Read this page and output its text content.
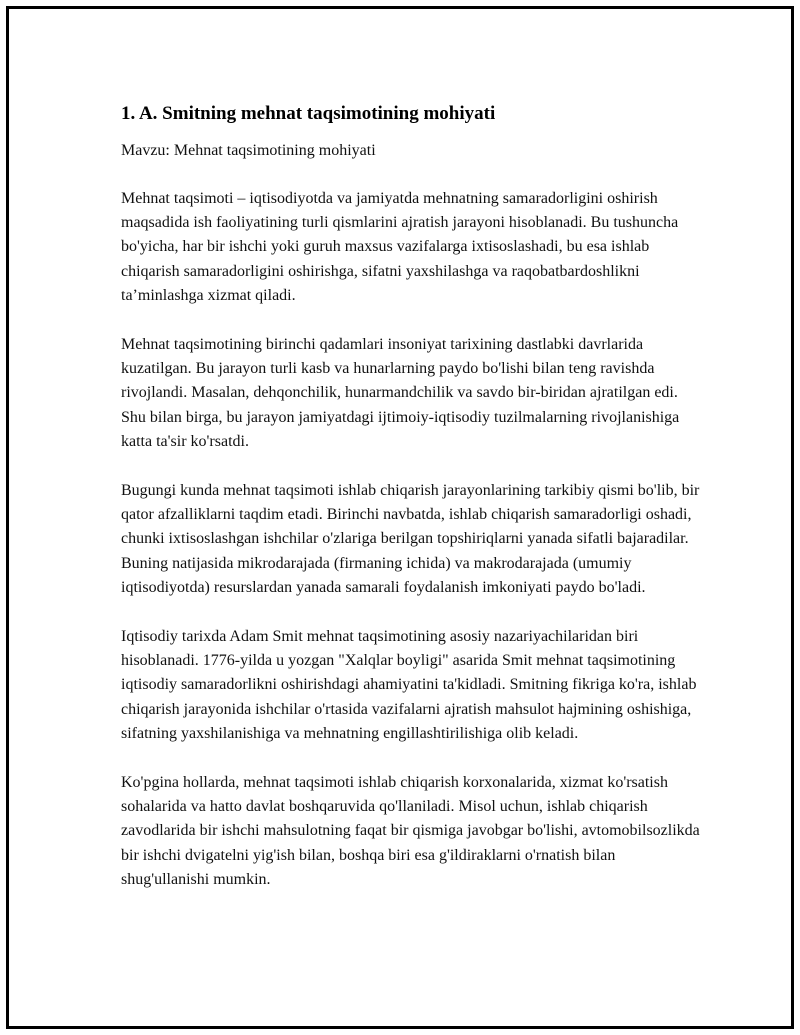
1. A. Smitning mehnat taqsimotining mohiyati

Mavzu: Mehnat taqsimotining mohiyati

Mehnat taqsimoti – iqtisodiyotda va jamiyatda mehnatning samaradorligini oshirish maqsadida ish faoliyatining turli qismlarini ajratish jarayoni hisoblanadi. Bu tushuncha bo'yicha, har bir ishchi yoki guruh maxsus vazifalarga ixtisoslashadi, bu esa ishlab chiqarish samaradorligini oshirishga, sifatni yaxshilashga va raqobatbardoshlikni ta’minlashga xizmat qiladi.

Mehnat taqsimotining birinchi qadamlari insoniyat tarixining dastlabki davrlarida kuzatilgan. Bu jarayon turli kasb va hunarlarning paydo bo'lishi bilan teng ravishda rivojlandi. Masalan, dehqonchilik, hunarmandchilik va savdo bir-biridan ajratilgan edi. Shu bilan birga, bu jarayon jamiyatdagi ijtimoiy-iqtisodiy tuzilmalarning rivojlanishiga katta ta'sir ko'rsatdi.

Bugungi kunda mehnat taqsimoti ishlab chiqarish jarayonlarining tarkibiy qismi bo'lib, bir qator afzalliklarni taqdim etadi. Birinchi navbatda, ishlab chiqarish samaradorligi oshadi, chunki ixtisoslashgan ishchilar o'zlariga berilgan topshiriqlarni yanada sifatli bajaradilar. Buning natijasida mikrodarajada (firmaning ichida) va makrodarajada (umumiy iqtisodiyotda) resurslardan yanada samarali foydalanish imkoniyati paydo bo'ladi.

Iqtisodiy tarixda Adam Smit mehnat taqsimotining asosiy nazariyachilaridan biri hisoblanadi. 1776-yilda u yozgan "Xalqlar boyligi" asarida Smit mehnat taqsimotining iqtisodiy samaradorlikni oshirishdagi ahamiyatini ta'kidladi. Smitning fikriga ko'ra, ishlab chiqarish jarayonida ishchilar o'rtasida vazifalarni ajratish mahsulot hajmining oshishiga, sifatning yaxshilanishiga va mehnatning engillashtirilishiga olib keladi.

Ko'pgina hollarda, mehnat taqsimoti ishlab chiqarish korxonalarida, xizmat ko'rsatish sohalarida va hatto davlat boshqaruvida qo'llaniladi. Misol uchun, ishlab chiqarish zavodlarida bir ishchi mahsulotning faqat bir qismiga javobgar bo'lishi, avtomobilsozlikda bir ishchi dvigatelni yig'ish bilan, boshqa biri esa g'ildiraklarni o'rnatish bilan shug'ullanishi mumkin.
